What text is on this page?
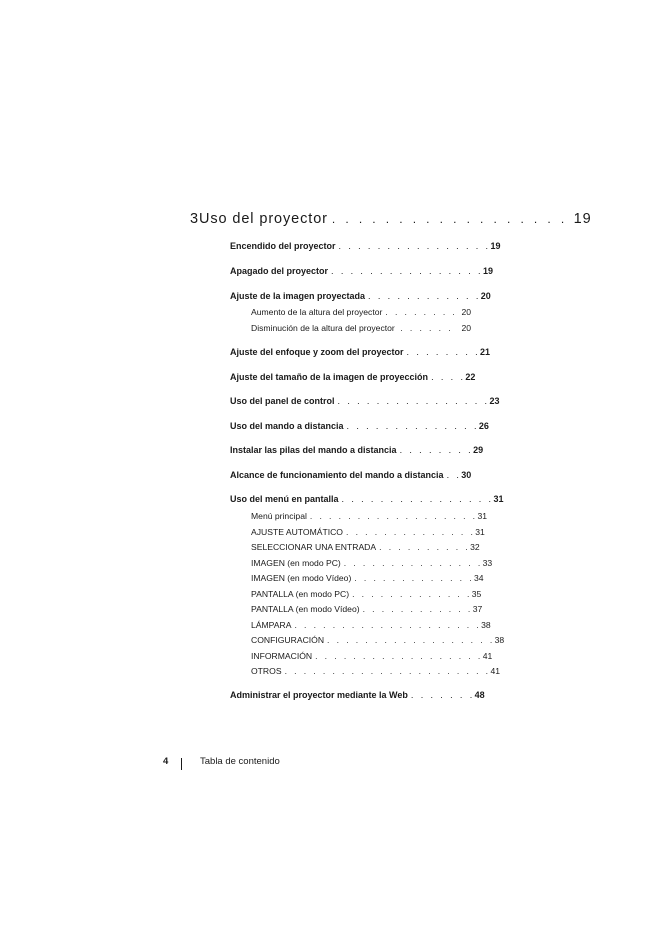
3 Uso del proyector . . . . . . . . . . . . . . . . . . 19
Encendido del proyector . . . . . . . . . . . . . . . . 19
Apagado del proyector . . . . . . . . . . . . . . . . 19
Ajuste de la imagen proyectada . . . . . . . . . . . . 20
Aumento de la altura del proyector . . . . . . . . 20
Disminución de la altura del proyector . . . . . . 20
Ajuste del enfoque y zoom del proyector . . . . . . . . 21
Ajuste del tamaño de la imagen de proyección . . . . 22
Uso del panel de control . . . . . . . . . . . . . . . . 23
Uso del mando a distancia . . . . . . . . . . . . . . 26
Instalar las pilas del mando a distancia . . . . . . . . 29
Alcance de funcionamiento del mando a distancia . . 30
Uso del menú en pantalla . . . . . . . . . . . . . . . . 31
Menú principal . . . . . . . . . . . . . . . . . . 31
AJUSTE AUTOMÁTICO . . . . . . . . . . . . . . 31
SELECCIONAR UNA ENTRADA . . . . . . . . . . 32
IMAGEN (en modo PC) . . . . . . . . . . . . . . . 33
IMAGEN (en modo Vídeo) . . . . . . . . . . . . . 34
PANTALLA (en modo PC) . . . . . . . . . . . . . 35
PANTALLA (en modo Vídeo) . . . . . . . . . . . . 37
LÁMPARA . . . . . . . . . . . . . . . . . . . . 38
CONFIGURACIÓN . . . . . . . . . . . . . . . . . . 38
INFORMACIÓN . . . . . . . . . . . . . . . . . . 41
OTROS . . . . . . . . . . . . . . . . . . . . . . 41
Administrar el proyector mediante la Web . . . . . . . 48
4	Tabla de contenido
